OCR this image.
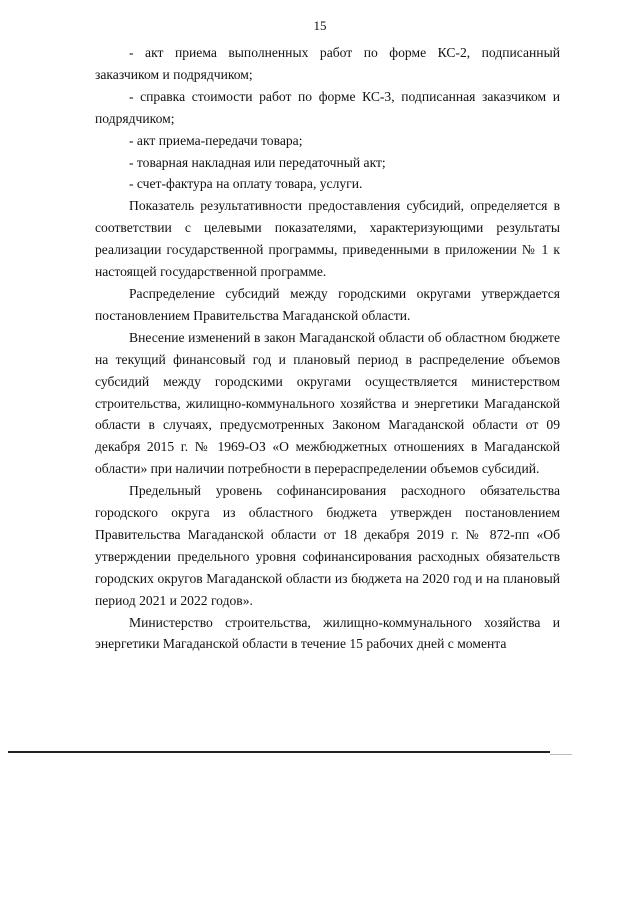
15

- акт приема выполненных работ по форме КС-2, подписанный заказчиком и подрядчиком;

- справка стоимости работ по форме КС-3, подписанная заказчиком и подрядчиком;

- акт приема-передачи товара;

- товарная накладная или передаточный акт;

- счет-фактура на оплату товара, услуги.

Показатель результативности предоставления субсидий, определяется в соответствии с целевыми показателями, характеризующими результаты реализации государственной программы, приведенными в приложении № 1 к настоящей государственной программе.

Распределение субсидий между городскими округами утверждается постановлением Правительства Магаданской области.

Внесение изменений в закон Магаданской области об областном бюджете на текущий финансовый год и плановый период в распределение объемов субсидий между городскими округами осуществляется министерством строительства, жилищно-коммунального хозяйства и энергетики Магаданской области в случаях, предусмотренных Законом Магаданской области от 09 декабря 2015 г. № 1969-ОЗ «О межбюджетных отношениях в Магаданской области» при наличии потребности в перераспределении объемов субсидий.

Предельный уровень софинансирования расходного обязательства городского округа из областного бюджета утвержден постановлением Правительства Магаданской области от 18 декабря 2019 г. № 872-пп «Об утверждении предельного уровня софинансирования расходных обязательств городских округов Магаданской области из бюджета на 2020 год и на плановый период 2021 и 2022 годов».

Министерство строительства, жилищно-коммунального хозяйства и энергетики Магаданской области в течение 15 рабочих дней с момента
